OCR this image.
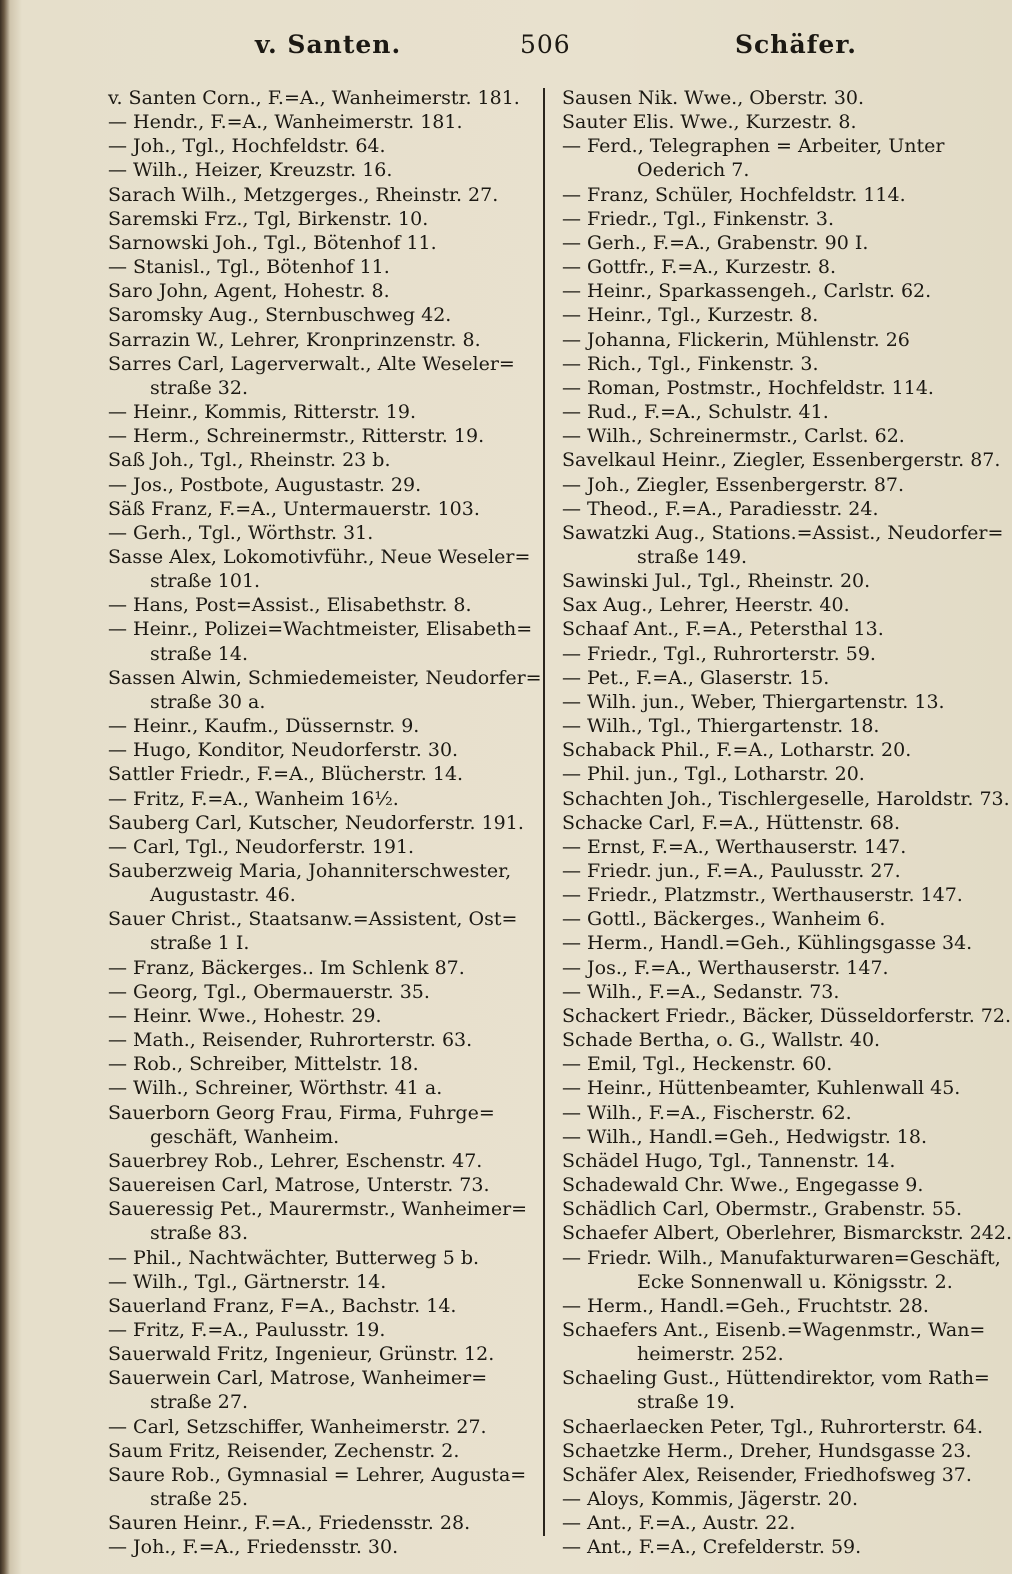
v. Santen.	506	Schäfer.
v. Santen Corn., F.=A., Wanheimerstr. 181.
— Hendr., F.=A., Wanheimerstr. 181.
— Joh., Tgl., Hochfeldstr. 64.
— Wilh., Heizer, Kreuzstr. 16.
Sarach Wilh., Metzgerges., Rheinstr. 27.
Saremski Frz., Tgl, Birkenstr. 10.
Sarnowski Joh., Tgl., Bötenhof 11.
— Stanisl., Tgl., Bötenhof 11.
Saro John, Agent, Hohestr. 8.
Saromsky Aug., Sternbuschweg 42.
Sarrazin W., Lehrer, Kronprinzenstr. 8.
Sarres Carl, Lagerverwalt., Alte Weseler=
straße 32.
— Heinr., Kommis, Ritterstr. 19.
— Herm., Schreinermstr., Ritterstr. 19.
Saß Joh., Tgl., Rheinstr. 23 b.
— Jos., Postbote, Augustastr. 29.
Säß Franz, F.=A., Untermauerstr. 103.
— Gerh., Tgl., Wörthstr. 31.
Sasse Alex, Lokomotivführ., Neue Weseler=
straße 101.
— Hans, Post=Assist., Elisabethstr. 8.
— Heinr., Polizei=Wachtmeister, Elisabeth=
straße 14.
Sassen Alwin, Schmiedemeister, Neudorfer=
straße 30 a.
— Heinr., Kaufm., Düssernstr. 9.
— Hugo, Konditor, Neudorferstr. 30.
Sattler Friedr., F.=A., Blücherstr. 14.
— Fritz, F.=A., Wanheim 16½.
Sauberg Carl, Kutscher, Neudorferstr. 191.
— Carl, Tgl., Neudorferstr. 191.
Sauberzweig Maria, Johanniterschwester,
Augustastr. 46.
Sauer Christ., Staatsanw.=Assistent, Ost=
straße 1 I.
— Franz, Bäckerges.. Im Schlenk 87.
— Georg, Tgl., Obermauerstr. 35.
— Heinr. Wwe., Hohestr. 29.
— Math., Reisender, Ruhrorterstr. 63.
— Rob., Schreiber, Mittelstr. 18.
— Wilh., Schreiner, Wörthstr. 41 a.
Sauerborn Georg Frau, Firma, Fuhrge=
geschäft, Wanheim.
Sauerbrey Rob., Lehrer, Eschenstr. 47.
Sauereisen Carl, Matrose, Unterstr. 73.
Saueressig Pet., Maurermstr., Wanheimer=
straße 83.
— Phil., Nachtwächter, Butterweg 5 b.
— Wilh., Tgl., Gärtnerstr. 14.
Sauerland Franz, F=A., Bachstr. 14.
— Fritz, F.=A., Paulusstr. 19.
Sauerwald Fritz, Ingenieur, Grünstr. 12.
Sauerwein Carl, Matrose, Wanheimer=
straße 27.
— Carl, Setzschiffer, Wanheimerstr. 27.
Saum Fritz, Reisender, Zechenstr. 2.
Saure Rob., Gymnasial = Lehrer, Augusta=
straße 25.
Sauren Heinr., F.=A., Friedensstr. 28.
— Joh., F.=A., Friedensstr. 30.
Sausen Nik. Wwe., Oberstr. 30.
Sauter Elis. Wwe., Kurzestr. 8.
— Ferd., Telegraphen = Arbeiter, Unter
Oederich 7.
— Franz, Schüler, Hochfeldstr. 114.
— Friedr., Tgl., Finkenstr. 3.
— Gerh., F.=A., Grabenstr. 90 I.
— Gottfr., F.=A., Kurzestr. 8.
— Heinr., Sparkassengeh., Carlstr. 62.
— Heinr., Tgl., Kurzestr. 8.
— Johanna, Flickerin, Mühlenstr. 26
— Rich., Tgl., Finkenstr. 3.
— Roman, Postmstr., Hochfeldstr. 114.
— Rud., F.=A., Schulstr. 41.
— Wilh., Schreinermstr., Carlst. 62.
Savelkaul Heinr., Ziegler, Essenbergerstr. 87.
— Joh., Ziegler, Essenbergerstr. 87.
— Theod., F.=A., Paradiesstr. 24.
Sawatzki Aug., Stations.=Assist., Neudorfer=
straße 149.
Sawinski Jul., Tgl., Rheinstr. 20.
Sax Aug., Lehrer, Heerstr. 40.
Schaaf Ant., F.=A., Petersthal 13.
— Friedr., Tgl., Ruhrorterstr. 59.
— Pet., F.=A., Glaserstr. 15.
— Wilh. jun., Weber, Thiergartenstr. 13.
— Wilh., Tgl., Thiergartenstr. 18.
Schaback Phil., F.=A., Lotharstr. 20.
— Phil. jun., Tgl., Lotharstr. 20.
Schachten Joh., Tischlergeselle, Haroldstr. 73.
Schacke Carl, F.=A., Hüttenstr. 68.
— Ernst, F.=A., Werthauserstr. 147.
— Friedr. jun., F.=A., Paulusstr. 27.
— Friedr., Platzmstr., Werthauserstr. 147.
— Gottl., Bäckerges., Wanheim 6.
— Herm., Handl.=Geh., Kühlingsgasse 34.
— Jos., F.=A., Werthauserstr. 147.
— Wilh., F.=A., Sedanstr. 73.
Schackert Friedr., Bäcker, Düsseldorferstr. 72.
Schade Bertha, o. G., Wallstr. 40.
— Emil, Tgl., Heckenstr. 60.
— Heinr., Hüttenbeamter, Kuhlenwall 45.
— Wilh., F.=A., Fischerstr. 62.
— Wilh., Handl.=Geh., Hedwigstr. 18.
Schädel Hugo, Tgl., Tannenstr. 14.
Schadewald Chr. Wwe., Engegasse 9.
Schädlich Carl, Obermstr., Grabenstr. 55.
Schaefer Albert, Oberlehrer, Bismarckstr. 242.
— Friedr. Wilh., Manufakturwaren=Geschäft,
Ecke Sonnenwall u. Königsstr. 2.
— Herm., Handl.=Geh., Fruchtstr. 28.
Schaefers Ant., Eisenb.=Wagenmstr., Wan=
heimerstr. 252.
Schaeling Gust., Hüttendirektor, vom Rath=
straße 19.
Schaerlaecken Peter, Tgl., Ruhrorterstr. 64.
Schaetzke Herm., Dreher, Hundsgasse 23.
Schäfer Alex, Reisender, Friedhofsweg 37.
— Aloys, Kommis, Jägerstr. 20.
— Ant., F.=A., Austr. 22.
— Ant., F.=A., Crefelderstr. 59.
